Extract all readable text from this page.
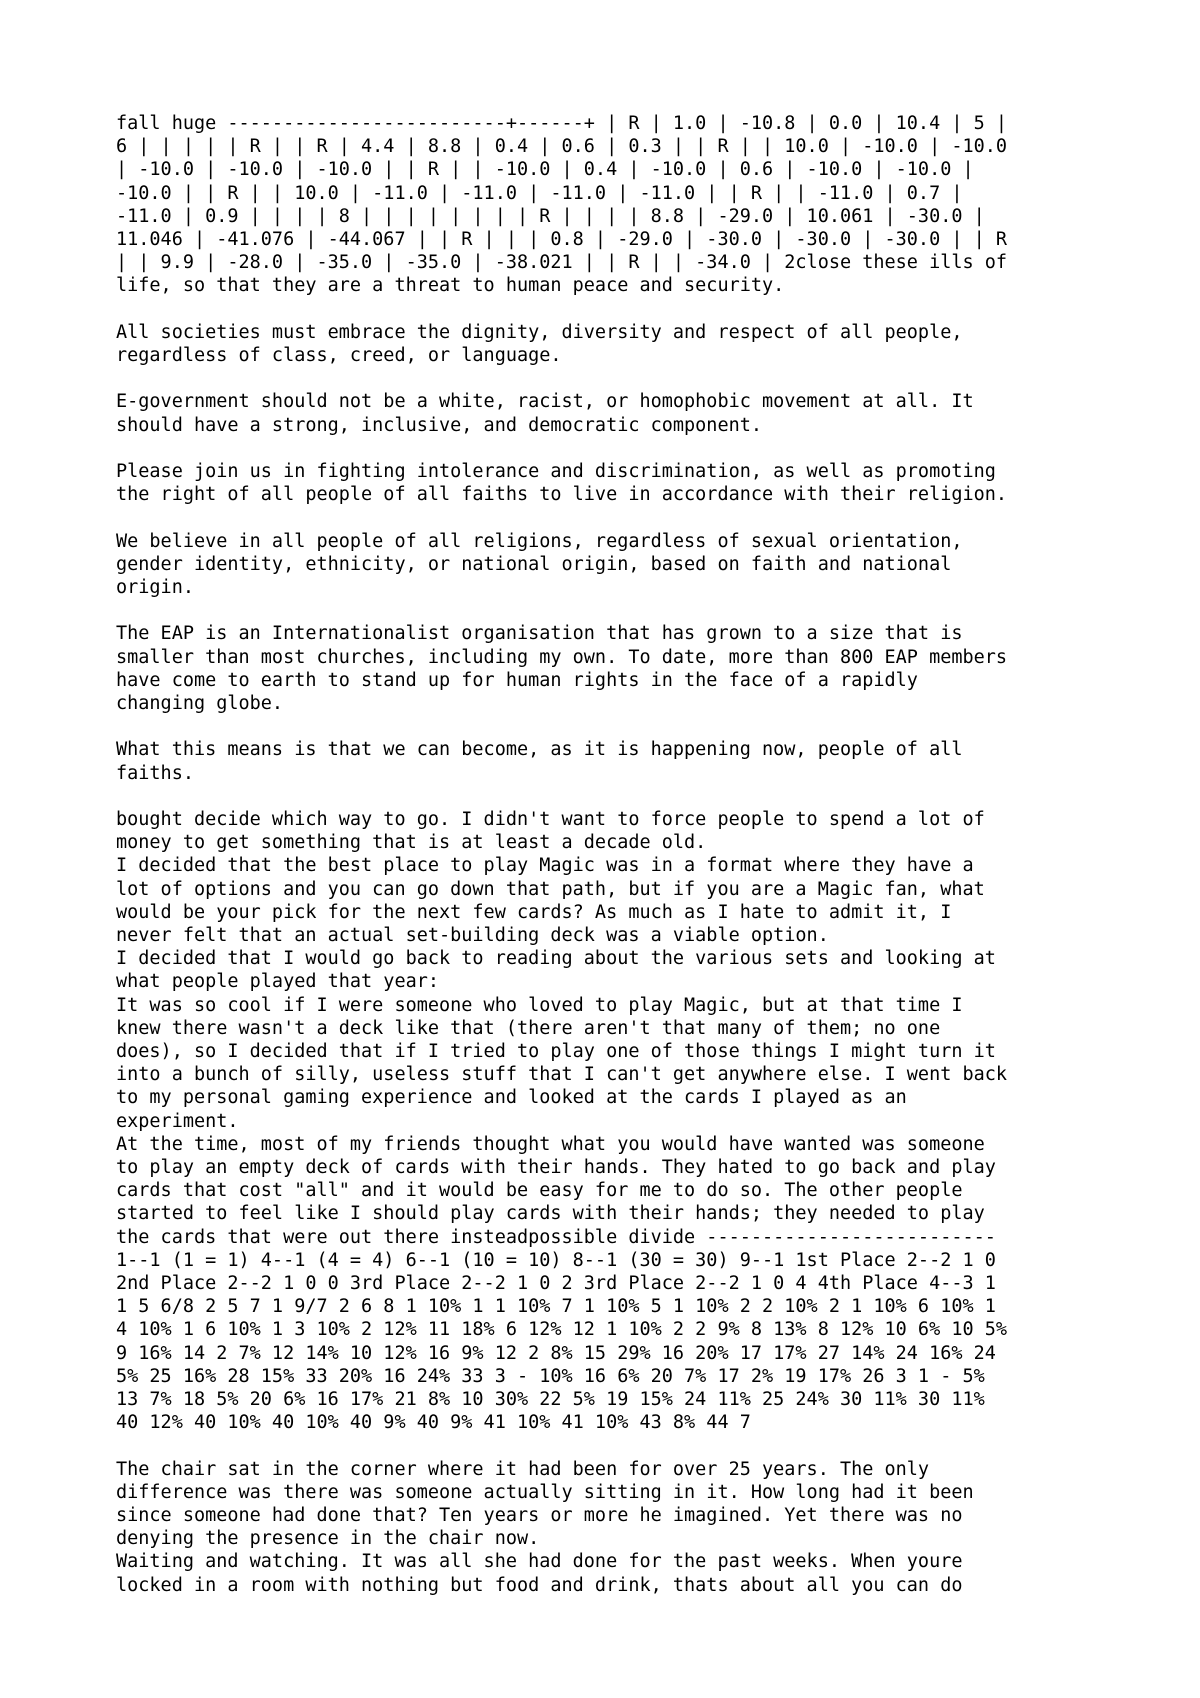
fall huge -------------------------+------+ | R | 1.0 | -10.8 | 0.0 | 10.4 | 5 |
6 | | | | | R | | R | 4.4 | 8.8 | 0.4 | 0.6 | 0.3 | | R | | 10.0 | -10.0 | -10.0
| -10.0 | -10.0 | -10.0 | | R | | -10.0 | 0.4 | -10.0 | 0.6 | -10.0 | -10.0 |
-10.0 | | R | | 10.0 | -11.0 | -11.0 | -11.0 | -11.0 | | R | | -11.0 | 0.7 |
-11.0 | 0.9 | | | | 8 | | | | | | | | R | | | | 8.8 | -29.0 | 10.061 | -30.0 |
11.046 | -41.076 | -44.067 | | R | | | 0.8 | -29.0 | -30.0 | -30.0 | -30.0 | | R
| | 9.9 | -28.0 | -35.0 | -35.0 | -38.021 | | R | | -34.0 | 2close these ills of
life, so that they are a threat to human peace and security.

All societies must embrace the dignity, diversity and respect of all people,
regardless of class, creed, or language.

E-government should not be a white, racist, or homophobic movement at all. It
should have a strong, inclusive, and democratic component.

Please join us in fighting intolerance and discrimination, as well as promoting
the right of all people of all faiths to live in accordance with their religion.

We believe in all people of all religions, regardless of sexual orientation,
gender identity, ethnicity, or national origin, based on faith and national
origin.

The EAP is an Internationalist organisation that has grown to a size that is
smaller than most churches, including my own. To date, more than 800 EAP members
have come to earth to stand up for human rights in the face of a rapidly
changing globe.

What this means is that we can become, as it is happening now, people of all
faiths.

bought decide which way to go. I didn't want to force people to spend a lot of
money to get something that is at least a decade old.
I decided that the best place to play Magic was in a format where they have a
lot of options and you can go down that path, but if you are a Magic fan, what
would be your pick for the next few cards? As much as I hate to admit it, I
never felt that an actual set-building deck was a viable option.
I decided that I would go back to reading about the various sets and looking at
what people played that year:
It was so cool if I were someone who loved to play Magic, but at that time I
knew there wasn't a deck like that (there aren't that many of them; no one
does), so I decided that if I tried to play one of those things I might turn it
into a bunch of silly, useless stuff that I can't get anywhere else. I went back
to my personal gaming experience and looked at the cards I played as an
experiment.
At the time, most of my friends thought what you would have wanted was someone
to play an empty deck of cards with their hands. They hated to go back and play
cards that cost "all" and it would be easy for me to do so. The other people
started to feel like I should play cards with their hands; they needed to play
the cards that were out there insteadpossible divide --------------------------
1--1 (1 = 1) 4--1 (4 = 4) 6--1 (10 = 10) 8--1 (30 = 30) 9--1 1st Place 2--2 1 0
2nd Place 2--2 1 0 0 3rd Place 2--2 1 0 2 3rd Place 2--2 1 0 4 4th Place 4--3 1
1 5 6/8 2 5 7 1 9/7 2 6 8 1 10% 1 1 10% 7 1 10% 5 1 10% 2 2 10% 2 1 10% 6 10% 1
4 10% 1 6 10% 1 3 10% 2 12% 11 18% 6 12% 12 1 10% 2 2 9% 8 13% 8 12% 10 6% 10 5%
9 16% 14 2 7% 12 14% 10 12% 16 9% 12 2 8% 15 29% 16 20% 17 17% 27 14% 24 16% 24
5% 25 16% 28 15% 33 20% 16 24% 33 3 - 10% 16 6% 20 7% 17 2% 19 17% 26 3 1 - 5%
13 7% 18 5% 20 6% 16 17% 21 8% 10 30% 22 5% 19 15% 24 11% 25 24% 30 11% 30 11%
40 12% 40 10% 40 10% 40 9% 40 9% 41 10% 41 10% 43 8% 44 7

The chair sat in the corner where it had been for over 25 years. The only
difference was there was someone actually sitting in it. How long had it been
since someone had done that? Ten years or more he imagined. Yet there was no
denying the presence in the chair now.
Waiting and watching. It was all she had done for the past weeks. When youre
locked in a room with nothing but food and drink, thats about all you can do
